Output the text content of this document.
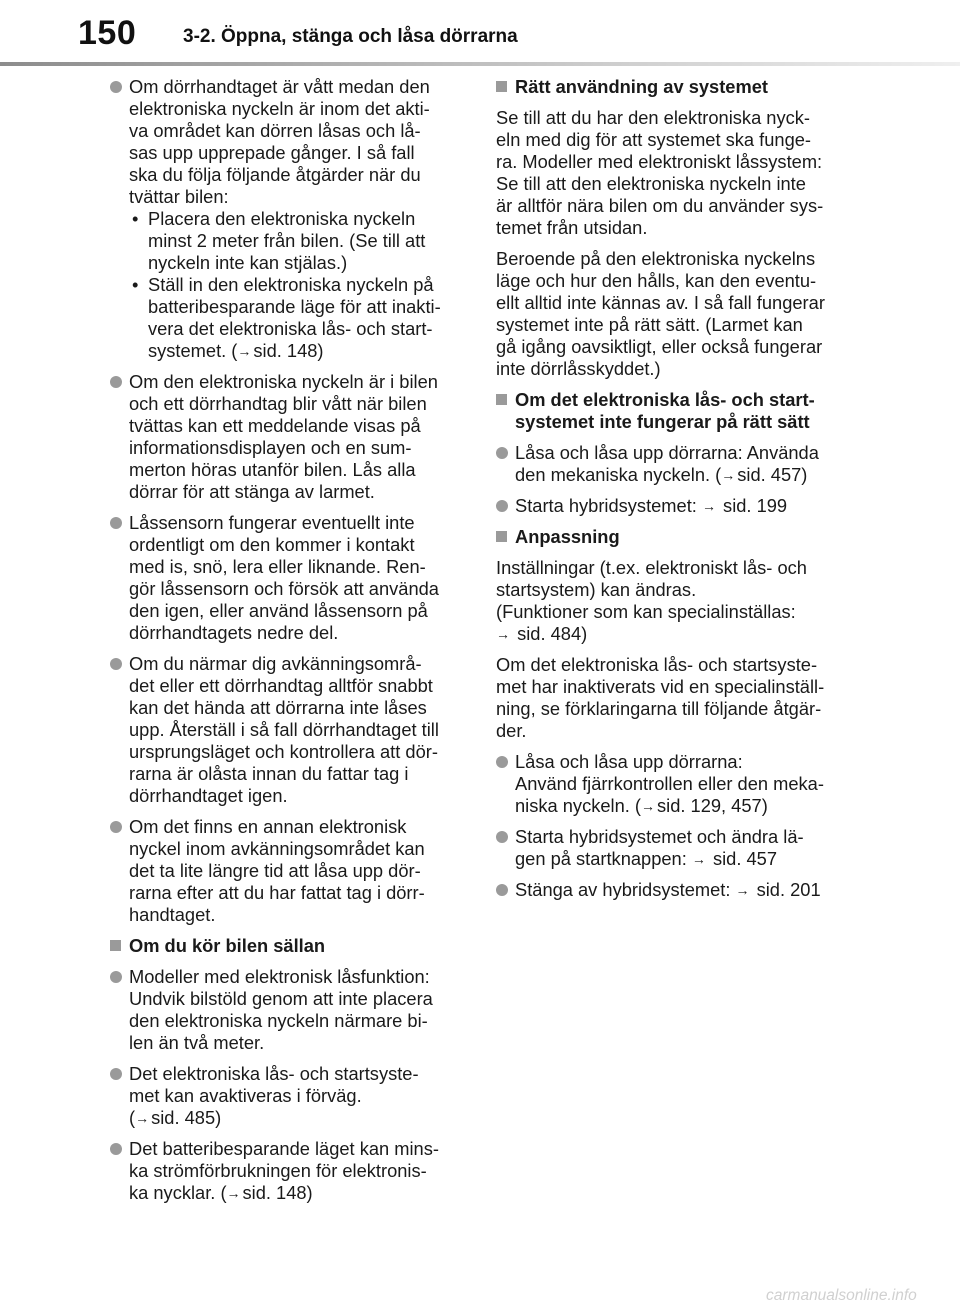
150 3-2. Öppna, stänga och låsa dörrarna
Om dörrhandtaget är vått medan den
elektroniska nyckeln är inom det akti-
va området kan dörren låsas och lå-
sas upp upprepade gånger. I så fall
ska du följa följande åtgärder när du
tvättar bilen:
• Placera den elektroniska nyckeln
minst 2 meter från bilen. (Se till att
nyckeln inte kan stjälas.)
• Ställ in den elektroniska nyckeln på
batteribesparande läge för att inakti-
vera det elektroniska lås- och start-
systemet. (→ sid. 148)
Om den elektroniska nyckeln är i bilen
och ett dörrhandtag blir vått när bilen
tvättas kan ett meddelande visas på
informationsdisplayen och en sum-
merton höras utanför bilen. Lås alla
dörrar för att stänga av larmet.
Låssensorn fungerar eventuellt inte
ordentligt om den kommer i kontakt
med is, snö, lera eller liknande. Ren-
gör låssensorn och försök att använda
den igen, eller använd låssensorn på
dörrhandtagets nedre del.
Om du närmar dig avkänningsområ-
det eller ett dörrhandtag alltför snabbt
kan det hända att dörrarna inte låses
upp. Återställ i så fall dörrhandtaget till
ursprungsläget och kontrollera att dör-
rarna är olåsta innan du fattar tag i
dörrhandtaget igen.
Om det finns en annan elektronisk
nyckel inom avkänningsområdet kan
det ta lite längre tid att låsa upp dör-
rarna efter att du har fattat tag i dörr-
handtaget.
Om du kör bilen sällan
Modeller med elektronisk låsfunktion:
Undvik bilstöld genom att inte placera
den elektroniska nyckeln närmare bi-
len än två meter.
Det elektroniska lås- och startsyste-
met kan avaktiveras i förväg.
(→ sid. 485)
Det batteribesparande läget kan mins-
ka strömförbrukningen för elektronis-
ka nycklar. (→ sid. 148)
Rätt användning av systemet
Se till att du har den elektroniska nyck-
eln med dig för att systemet ska funge-
ra. Modeller med elektroniskt låssystem:
Se till att den elektroniska nyckeln inte
är alltför nära bilen om du använder sys-
temet från utsidan.
Beroende på den elektroniska nyckelns
läge och hur den hålls, kan den eventu-
ellt alltid inte kännas av. I så fall fungerar
systemet inte på rätt sätt. (Larmet kan
gå igång oavsiktligt, eller också fungerar
inte dörrlåsskyddet.)
Om det elektroniska lås- och start-
systemet inte fungerar på rätt sätt
Låsa och låsa upp dörrarna: Använda
den mekaniska nyckeln. (→ sid. 457)
Starta hybridsystemet: → sid. 199
Anpassning
Inställningar (t.ex. elektroniskt lås- och
startsystem) kan ändras.
(Funktioner som kan specialinställas:
→ sid. 484)
Om det elektroniska lås- och startsyste-
met har inaktiverats vid en specialinställ-
ning, se förklaringarna till följande åtgär-
der.
Låsa och låsa upp dörrarna:
Använd fjärrkontrollen eller den meka-
niska nyckeln. (→ sid. 129, 457)
Starta hybridsystemet och ändra lä-
gen på startknappen: → sid. 457
Stänga av hybridsystemet: → sid. 201
carmanualsonline.info
